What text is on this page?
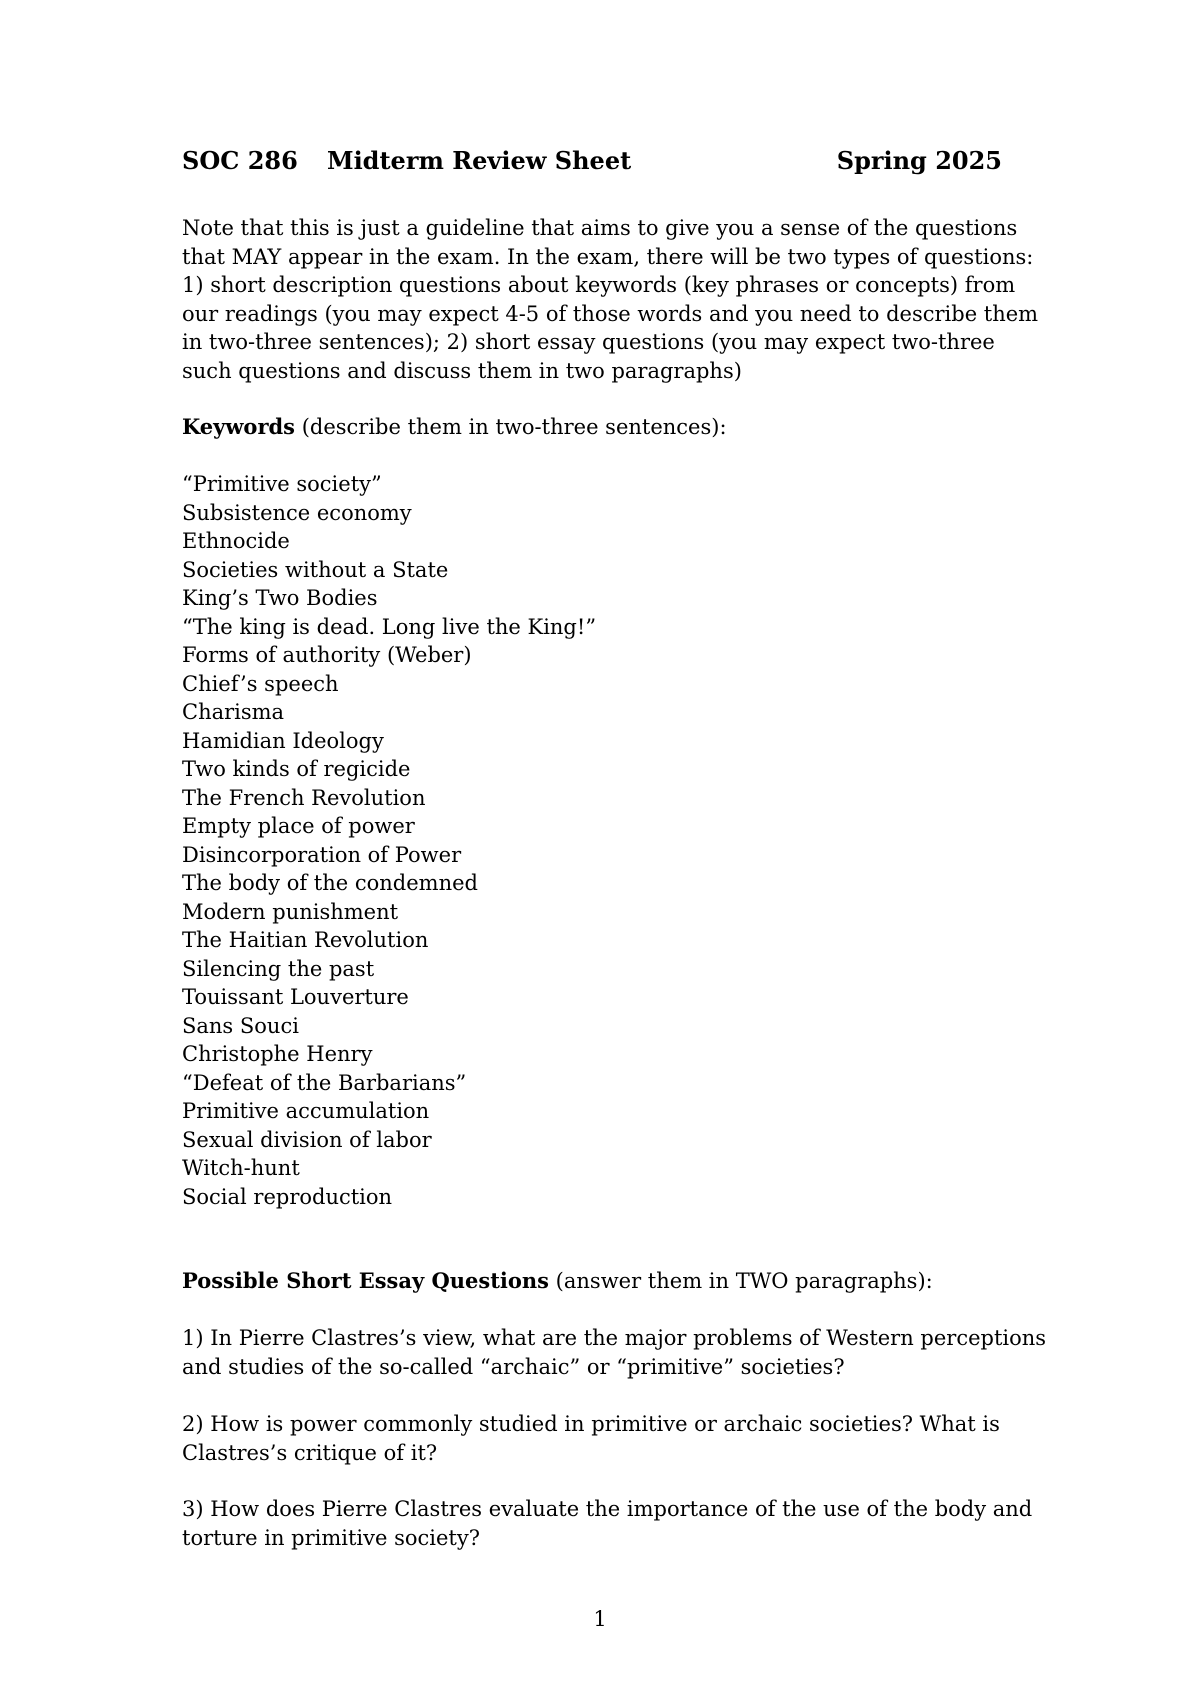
SOC 286 Midterm Review Sheet	Spring 2025
Note that this is just a guideline that aims to give you a sense of the questions
that MAY appear in the exam. In the exam, there will be two types of questions:
1) short description questions about keywords (key phrases or concepts) from
our readings (you may expect 4-5 of those words and you need to describe them
in two-three sentences); 2) short essay questions (you may expect two-three
such questions and discuss them in two paragraphs)
Keywords (describe them in two-three sentences):
“Primitive society”
Subsistence economy
Ethnocide
Societies without a State
King’s Two Bodies
“The king is dead. Long live the King!”
Forms of authority (Weber)
Chief’s speech
Charisma
Hamidian Ideology
Two kinds of regicide
The French Revolution
Empty place of power
Disincorporation of Power
The body of the condemned
Modern punishment
The Haitian Revolution
Silencing the past
Touissant Louverture
Sans Souci
Christophe Henry
“Defeat of the Barbarians”
Primitive accumulation
Sexual division of labor
Witch-hunt
Social reproduction
Possible Short Essay Questions (answer them in TWO paragraphs):
1) In Pierre Clastres’s view, what are the major problems of Western perceptions
and studies of the so-called “archaic” or “primitive” societies?
2) How is power commonly studied in primitive or archaic societies? What is
Clastres’s critique of it?
3) How does Pierre Clastres evaluate the importance of the use of the body and
torture in primitive society?
1
